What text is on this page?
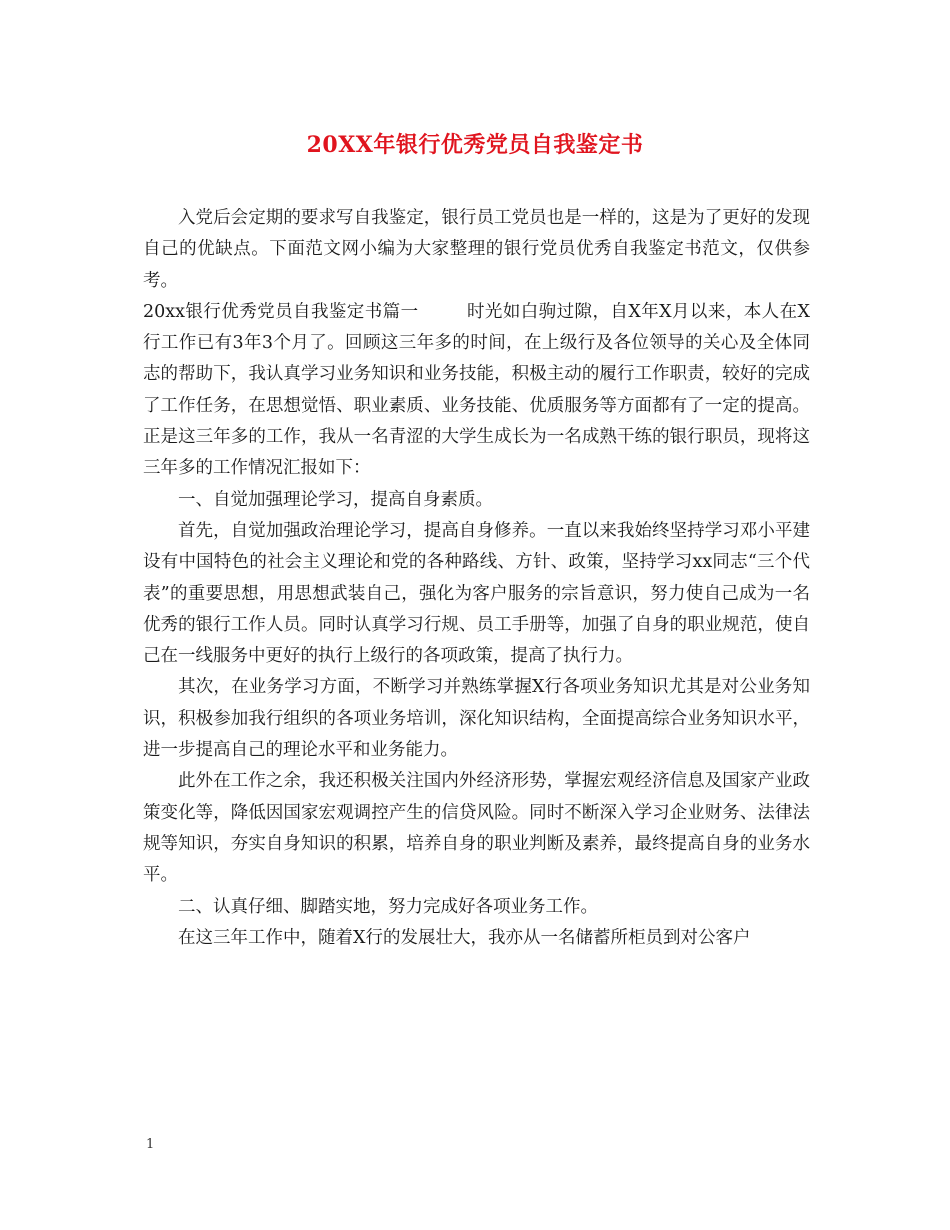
20XX年银行优秀党员自我鉴定书

入党后会定期的要求写自我鉴定，银行员工党员也是一样的，这是为了更好的发现自己的优缺点。下面范文网小编为大家整理的银行党员优秀自我鉴定书范文，仅供参考。

20xx银行优秀党员自我鉴定书篇一	时光如白驹过隙，自X年X月以来，本人在X行工作已有3年3个月了。回顾这三年多的时间，在上级行及各位领导的关心及全体同志的帮助下，我认真学习业务知识和业务技能，积极主动的履行工作职责，较好的完成了工作任务，在思想觉悟、职业素质、业务技能、优质服务等方面都有了一定的提高。正是这三年多的工作，我从一名青涩的大学生成长为一名成熟干练的银行职员，现将这三年多的工作情况汇报如下：

一、自觉加强理论学习，提高自身素质。

首先，自觉加强政治理论学习，提高自身修养。一直以来我始终坚持学习邓小平建设有中国特色的社会主义理论和党的各种路线、方针、政策，坚持学习xx同志“三个代表”的重要思想，用思想武装自己，强化为客户服务的宗旨意识，努力使自己成为一名优秀的银行工作人员。同时认真学习行规、员工手册等，加强了自身的职业规范，使自己在一线服务中更好的执行上级行的各项政策，提高了执行力。

其次，在业务学习方面，不断学习并熟练掌握X行各项业务知识尤其是对公业务知识，积极参加我行组织的各项业务培训，深化知识结构，全面提高综合业务知识水平，进一步提高自己的理论水平和业务能力。

此外在工作之余，我还积极关注国内外经济形势，掌握宏观经济信息及国家产业政策变化等，降低因国家宏观调控产生的信贷风险。同时不断深入学习企业财务、法律法规等知识，夯实自身知识的积累，培养自身的职业判断及素养，最终提高自身的业务水平。

二、认真仔细、脚踏实地，努力完成好各项业务工作。

在这三年工作中，随着X行的发展壮大，我亦从一名储蓄所柜员到对公客户

1
